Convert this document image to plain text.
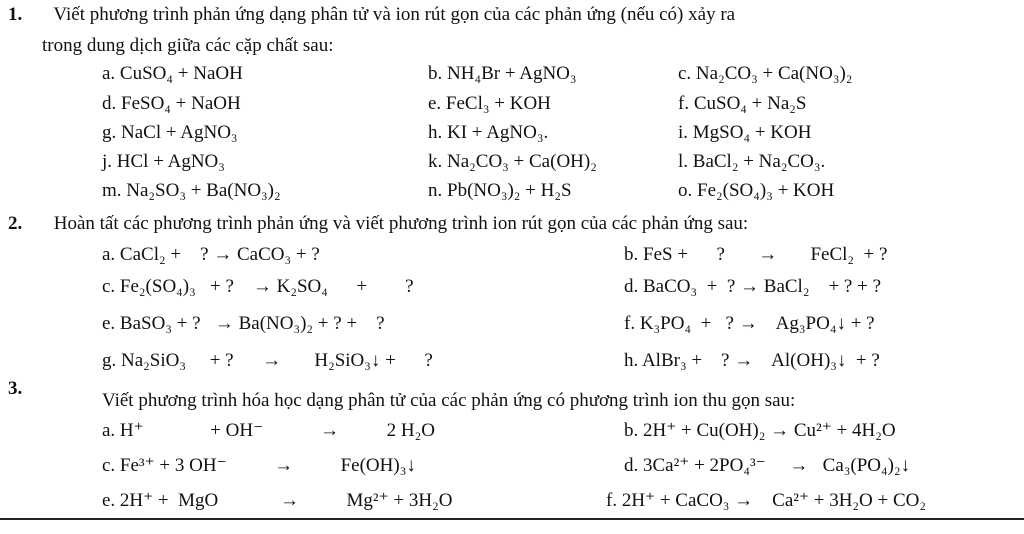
1. Viết phương trình phản ứng dạng phân tử và ion rút gọn của các phản ứng (nếu có) xảy ra
trong dung dịch giữa các cặp chất sau:
a. CuSO₄ + NaOH	b. NH₄Br + AgNO₃	c. Na₂CO₃ + Ca(NO₃)₂
d. FeSO₄ + NaOH	e. FeCl₃ + KOH	f. CuSO₄ + Na₂S
g. NaCl + AgNO₃	h. KI + AgNO₃.	i. MgSO₄ + KOH
j. HCl + AgNO₃	k. Na₂CO₃ + Ca(OH)₂	l. BaCl₂ + Na₂CO₃.
m. Na₂SO₃ + Ba(NO₃)₂	n. Pb(NO₃)₂ + H₂S	o. Fe₂(SO₄)₃ + KOH
2. Hoàn tất các phương trình phản ứng và viết phương trình ion rút gọn của các phản ứng sau:
a. CaCl₂ +    ? → CaCO₃ + ?	b. FeS +      ?       →       FeCl₂  + ?
c. Fe₂(SO₄)₃   + ?    → K₂SO₄      +        ?	d. BaCO₃  +  ? → BaCl₂    + ? + ?
e. BaSO₃ + ?   → Ba(NO₃)₂ + ? +    ?	f. K₃PO₄  +   ? →    Ag₃PO₄↓ + ?
g. Na₂SiO₃     + ?      →       H₂SiO₃↓ +      ?	h. AlBr₃ +    ? →    Al(OH)₃↓  + ?
3.
Viết phương trình hóa học dạng phân tử của các phản ứng có phương trình ion thu gọn sau:
a. H⁺              + OH⁻            →          2 H₂O	b. 2H⁺ + Cu(OH)₂ → Cu²⁺ + 4H₂O
c. Fe³⁺ + 3 OH⁻          →          Fe(OH)₃↓	d. 3Ca²⁺ + 2PO₄³⁻     →   Ca₃(PO₄)₂↓
e. 2H⁺ +  MgO             →          Mg²⁺ + 3H₂O	f. 2H⁺ + CaCO₃ →    Ca²⁺ + 3H₂O + CO₂
